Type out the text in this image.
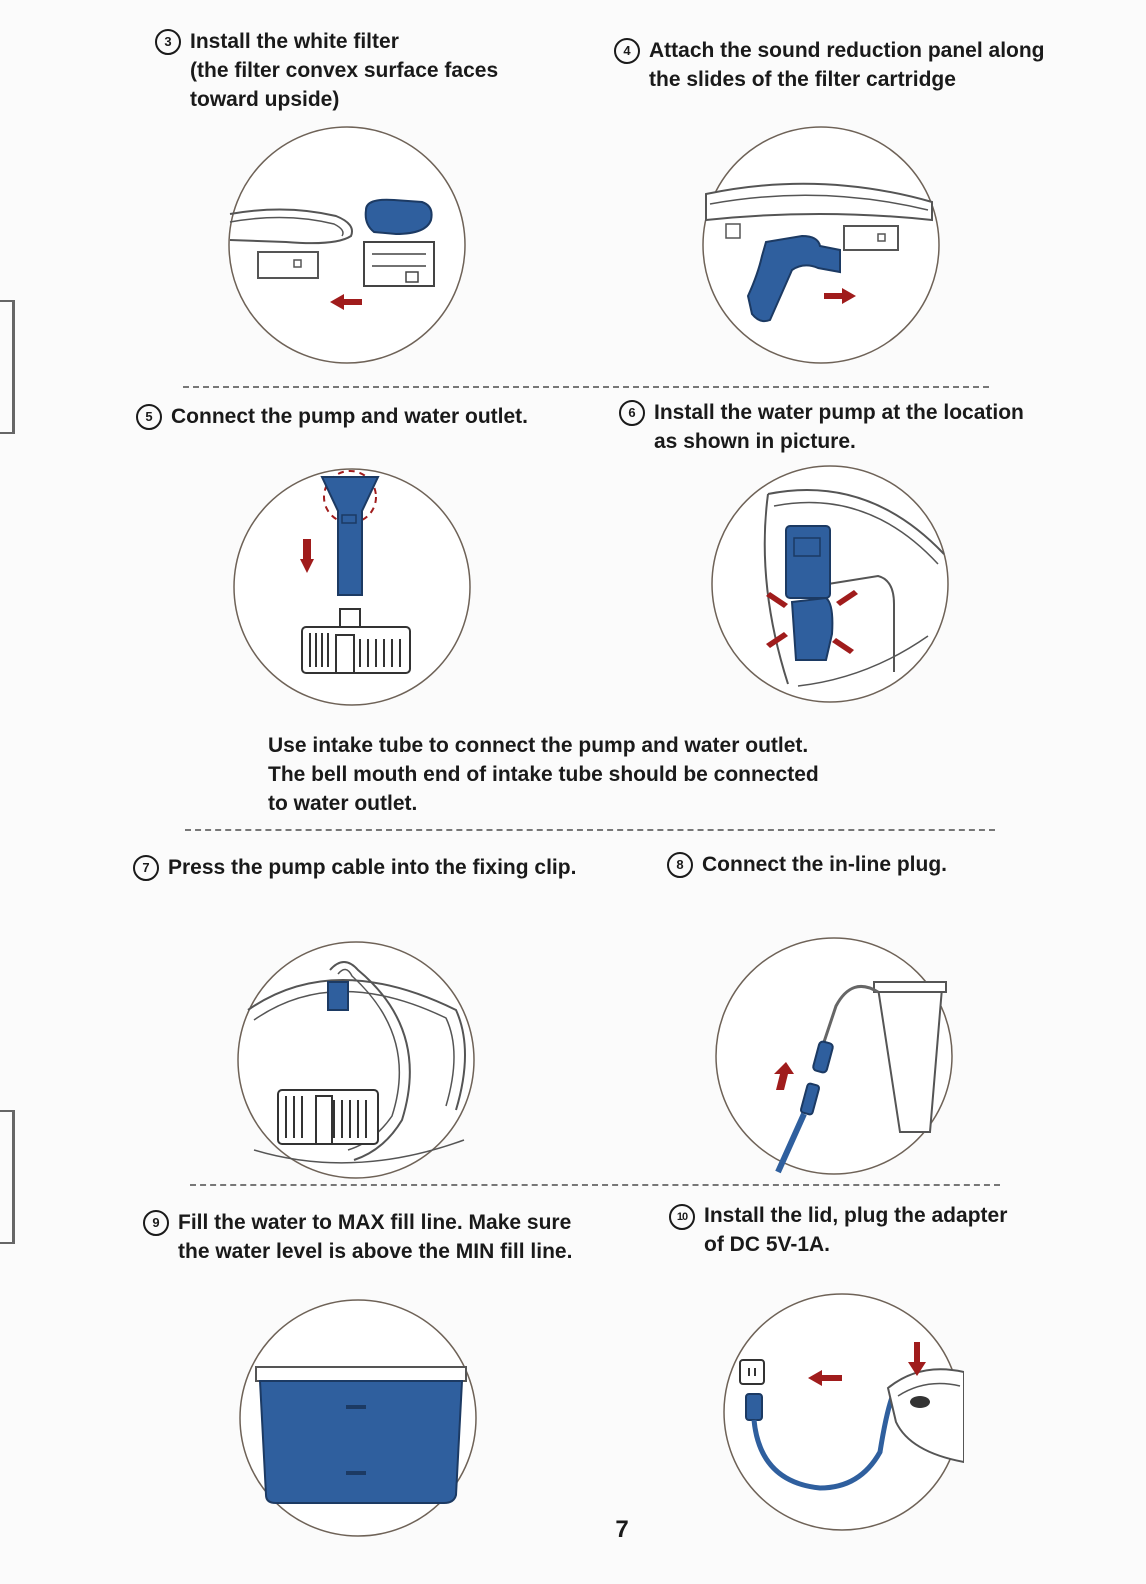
3 Install the white filter
(the filter convex surface faces
toward upside)
4 Attach the sound reduction panel along
the slides of the filter cartridge
5 Connect the pump and water outlet.	6 Install the water pump at the location
as shown in picture.
Use intake tube to connect the pump and water outlet.
The bell mouth end of intake tube should be connected
to water outlet.
7 Press the pump cable into the fixing clip.	8 Connect the in-line plug.
9 Fill the water to MAX fill line. Make sure
the water level is above the MIN fill line.
10 Install the lid, plug the adapter
of DC 5V-1A.
7
